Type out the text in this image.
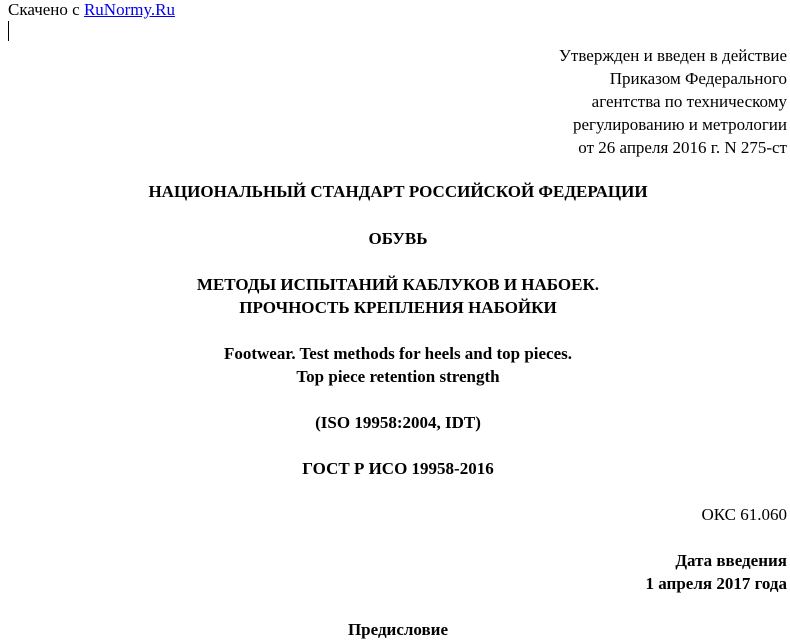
Скачено с RuNormy.Ru
Утвержден и введен в действие
Приказом Федерального
агентства по техническому
регулированию и метрологии
от 26 апреля 2016 г. N 275-ст
НАЦИОНАЛЬНЫЙ СТАНДАРТ РОССИЙСКОЙ ФЕДЕРАЦИИ
ОБУВЬ
МЕТОДЫ ИСПЫТАНИЙ КАБЛУКОВ И НАБОЕК.
ПРОЧНОСТЬ КРЕПЛЕНИЯ НАБОЙКИ
Footwear. Test methods for heels and top pieces.
Top piece retention strength
(ISO 19958:2004, IDT)
ГОСТ Р ИСО 19958-2016
ОКС 61.060
Дата введения
1 апреля 2017 года
Предисловие
